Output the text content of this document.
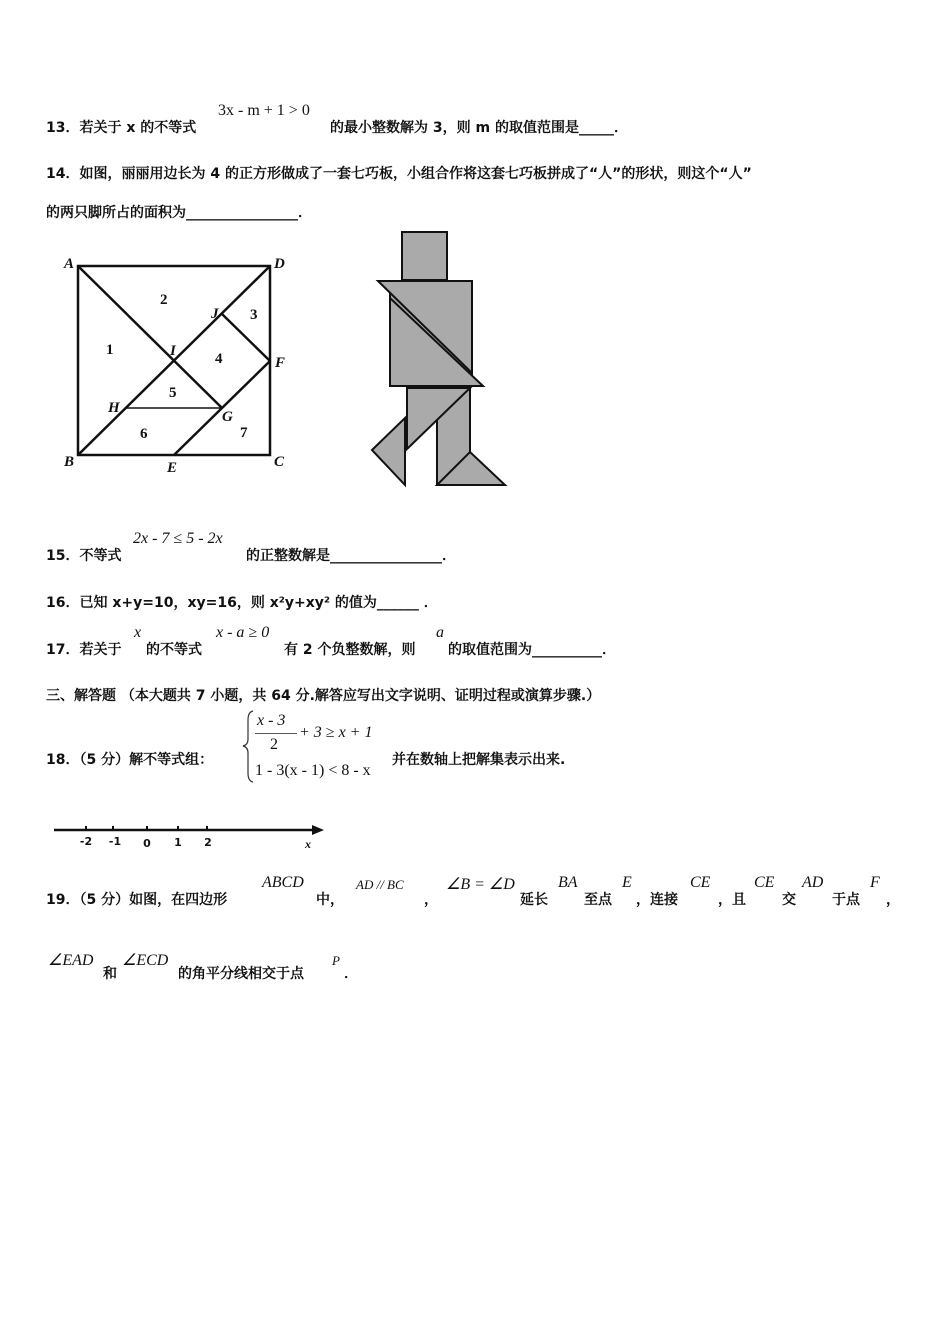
13．若关于 x 的不等式
3x - m + 1 > 0
的最小整数解为 3，则 m 的取值范围是_____．
14．如图，丽丽用边长为 4 的正方形做成了一套七巧板，小组合作将这套七巧板拼成了“人”的形状，则这个“人”
的两只脚所占的面积为________________．
A	D
B	C
E
F
G
H
I
J
1
2
3
4
5
6	7
15．不等式
2x - 7 ≤ 5 - 2x
的正整数解是________________．
16．已知 x+y=10，xy=16，则 x²y+xy² 的值为______ ．
17．若关于
x
的不等式
x - a ≥ 0
有 2 个负整数解，则
a
的取值范围为__________．
三、解答题 （本大题共 7 小题，共 64 分.解答应写出文字说明、证明过程或演算步骤.）
18．（5 分）解不等式组：
x - 3
2
+ 3 ≥ x + 1
1 - 3(x - 1) < 8 - x
并在数轴上把解集表示出来.
-2 -1 0 1 2	x
19．（5 分）如图，在四边形
ABCD
中，
AD // BC
，
∠B = ∠D
延长
BA
至点
E
，连接
CE
，且
CE
交
AD
于点
F
，
∠EAD
和
∠ECD
的角平分线相交于点
P
．
